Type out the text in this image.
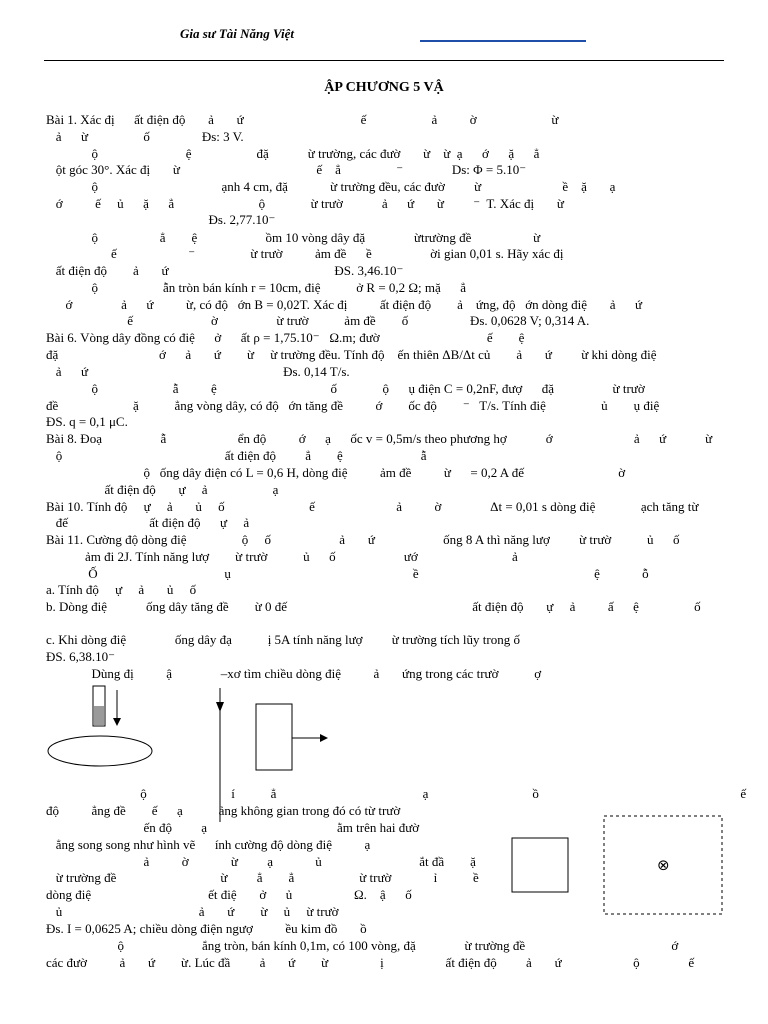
Gia sư Tài Năng Việt
ẬP CHƯƠNG 5 VẬ
Bài 1. Xác đị      ất điện độ       ả       ứ                                    ế                    ả          ờ                       ừ
ả      ừ                 ố                Đs: 3 V.
ộ                           ệ                    đặ            ừ trường, các đườ       ừ    ừ  ạ      ớ      ặ      ẳ
ột góc 30°. Xác đị       ừ                                          ế    ẳ                 ⁻               Ds: Φ = 5.10⁻
ộ                                      ạnh 4 cm, đặ             ừ trường đều, các đườ         ừ                         ề    ặ       ạ
ớ          ế     ủ      ặ      ẳ                          ộ              ừ trườ            ả      ứ       ừ         ⁻  T. Xác đị       ừ
Đs. 2,77.10⁻
ộ                   ẳ        ệ                     ồm 10 vòng dây đặ               ừtrường đề                   ừ
ế                      ⁻                 ừ trườ          ảm đề      ề                  ời gian 0,01 s. Hãy xác đị
ất điện độ        ả       ứ                                                   ĐS. 3,46.10⁻
ộ                    ẫn tròn bán kính r = 10cm, điệ           ở R = 0,2 Ω; mặ      ẳ
ớ               ả      ứ          ừ, có độ   ớn B = 0,02T. Xác đị          ất điện độ        ả    ứng, độ   ớn dòng điệ       ả      ứ
ế                        ờ                  ừ trườ           ảm đề        ố                   Đs. 0,0628 V; 0,314 A.
Bài 6. Vòng dây đồng có điệ      ở      ất ρ = 1,75.10⁻   Ω.m; đườ                                 ế        ệ
đặ                               ớ      ả       ứ        ừ     ừ trường đều. Tính độ    ến thiên ΔB/Δt củ        ả       ứ         ừ khi dòng điệ
ả      ứ                                                            Đs. 0,14 T/s.
ộ                       ẫ          ệ                                   ố              ộ      ụ điện C = 0,2nF, đượ      đặ                  ừ trườ
đề                       ặ           ẳng vòng dây, có độ   ớn tăng đề          ớ        ốc độ        ⁻   T/s. Tính điệ                 ủ        ụ điệ
ĐS. q = 0,1 μC.
Bài 8. Đoạ                  ẫ                      ển độ          ớ      ạ      ốc v = 0,5m/s theo phương hợ            ớ                         ả      ứ            ừ
ộ                                                  ất điện độ         ẳ        ệ                        ẫ
ộ   ống dây điện có L = 0,6 H, dòng điệ          ảm đề          ừ      = 0,2 A đế                             ờ
ất điện độ       ự     ả                    ạ
Bài 10. Tính độ     ự     ả       ủ     ố                          ế                         ả          ờ               Δt = 0,01 s dòng điệ              ạch tăng từ
đế                         ất điện độ      ự     ả
Bài 11. Cường độ dòng điệ                 ộ     ố                     ả       ứ                     ống 8 A thì năng lượ         ừ trườ           ủ      ố
ảm đi 2J. Tính năng lượ        ừ trườ           ủ      ố                     ướ                             ả
Ố                                       ụ                                                        ề                                                      ệ             ỗ
a. Tính độ     ự     ả       ủ     ố
b. Dòng điệ            ống dây tăng đề        ừ 0 đế                                                         ất điện độ       ự     ả          ấ      ệ                 ố
c. Khi dòng điệ               ống dây đạ           ị 5A tính năng lượ         ừ trường tích lũy trong ố
ĐS. 6,38.10⁻
Dùng đị          ậ               –xơ tìm chiều dòng điệ          ả       ứng trong các trườ           ợ
ộ                          í           ẳ                                             ạ                                ồ                                                              ế
độ          ẳng đề        ế      ạ           ảng không gian trong đó có từ trườ
ến độ         ạ                                        ằm trên hai đườ
ẳng song song như hình vẽ      ính cường độ dòng điệ          ạ
ả          ờ             ừ         ạ             ủ                              ắt đầ        ặ
ừ trường đề                                ừ         ẳ        ẳ                    ừ trườ             ỉ           ề
dòng điệ                                    ết điệ       ở      ủ                   Ω.    ậ      ố
ủ                                          ả       ứ        ừ     ủ     ừ trườ
Đs. I = 0,0625 A; chiều dòng điện ngượ          ều kim đồ       ồ
ộ                        ắng tròn, bán kính 0,1m, có 100 vòng, đặ               ừ trường đề                                             ớ
các đườ          ả       ứ        ừ. Lúc đầ         ả       ứ        ừ                ị                   ất điện độ         ả       ứ                      ộ               ế
⊗
